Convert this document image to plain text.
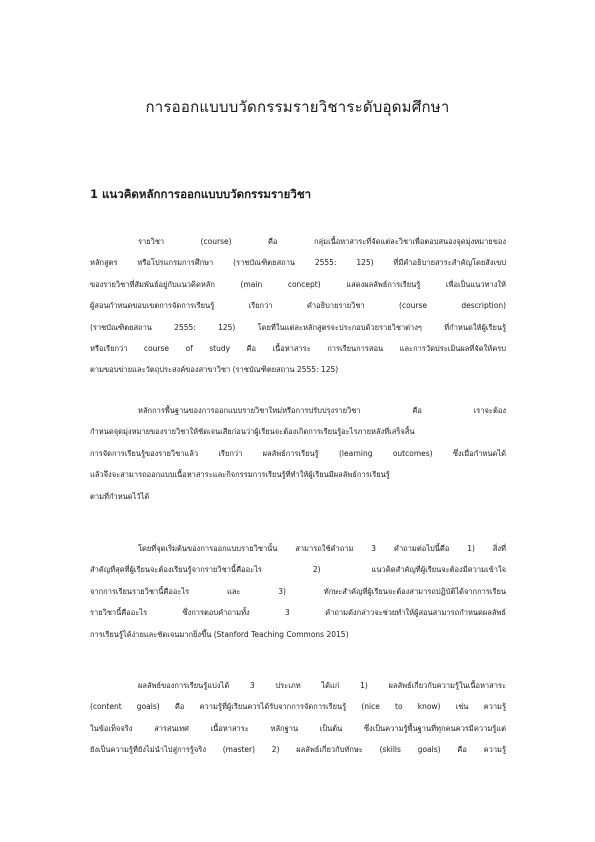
การออกแบบบวัดกรรมรายวิชาระดับอุดมศึกษา
1 แนวคิดหลักการออกแบบบวัดกรรมรายวิชา
รายวิชา (course) คือ กลุ่มเนื้อหาสาระที่จัดแต่ละวิชาเพื่อตอบสนองจุดมุ่งหมายของ
หลักสูตร หรือโปรแกรมการศึกษา (ราชบัณฑิตยสถาน 2555: 125) ที่มีคำอธิบายสาระสำคัญโดยสังเขป
ของรายวิชาที่สัมพันธ์อยู่กับแนวคิดหลัก (main concept) แสดงผลลัพธ์การเรียนรู้ เพื่อเป็นแนวทางให้
ผู้สอนกำหนดขอบเขตการจัดการเรียนรู้ เรียกว่า คำอธิบายรายวิชา (course description)
(ราชบัณฑิตยสถาน 2555: 125) โดยที่ในแต่ละหลักสูตรจะประกอบด้วยรายวิชาต่างๆ ที่กำหนดให้ผู้เรียนรู้
หรือเรียกว่า course of study คือ เนื้อหาสาระ การเรียนการสอน และการวัดประเมินผลที่จัดให้ครบ
ตามขอบข่ายและวัตถุประสงค์ของสาขาวิชา (ราชบัณฑิตยสถาน 2555: 125)
หลักการพื้นฐานของการออกแบบรายวิชาใหม่หรือการปรับปรุงรายวิชา คือ เราจะต้อง
กำหนดจุดมุ่งหมายของรายวิชาให้ชัดเจนเสียก่อนว่าผู้เรียนจะต้องเกิดการเรียนรู้อะไรภายหลังที่เสร็จสิ้น
การจัดการเรียนรู้ของรายวิชาแล้ว เรียกว่า ผลลัพธ์การเรียนรู้ (learning outcomes) ซึ่งเมื่อกำหนดได้
แล้วจึงจะสามารถออกแบบเนื้อหาสาระและกิจกรรมการเรียนรู้ที่ทำให้ผู้เรียนมีผลลัพธ์การเรียนรู้
ตามที่กำหนดไว้ได้
โดยที่จุดเริ่มต้นของการออกแบบรายวิชานั้น สามารถใช้คำถาม 3 คำถามต่อไปนี้คือ 1) สิ่งที่
สำคัญที่สุดที่ผู้เรียนจะต้องเรียนรู้จากรายวิชานี้คืออะไร 2) แนวคิดสำคัญที่ผู้เรียนจะต้องมีความเข้าใจ
จากการเรียนรายวิชานี้คืออะไร และ 3) ทักษะสำคัญที่ผู้เรียนจะต้องสามารถปฏิบัติได้จากการเรียน
รายวิชานี้คืออะไร ซึ่งการตอบคำถามทั้ง 3 คำถามดังกล่าวจะช่วยทำให้ผู้สอนสามารถกำหนดผลลัพธ์
การเรียนรู้ได้ง่ายและชัดเจนมากยิ่งขึ้น (Stanford Teaching Commons 2015)
ผลลัพธ์ของการเรียนรู้แบ่งได้ 3 ประเภท ได้แก่ 1) ผลลัพธ์เกี่ยวกับความรู้ในเนื้อหาสาระ
(content goals) คือ ความรู้ที่ผู้เรียนควรได้รับจากการจัดการเรียนรู้ (nice to know) เช่น ความรู้
ในข้อเท็จจริง สารสนเทศ เนื้อหาสาระ หลักฐาน เป็นต้น ซึ่งเป็นความรู้พื้นฐานที่ทุกคนควรมีความรู้แต่
ยังเป็นความรู้ที่ยังไม่นำไปสู่การรู้จริง (master) 2) ผลลัพธ์เกี่ยวกับทักษะ (skills goals) คือ ความรู้
